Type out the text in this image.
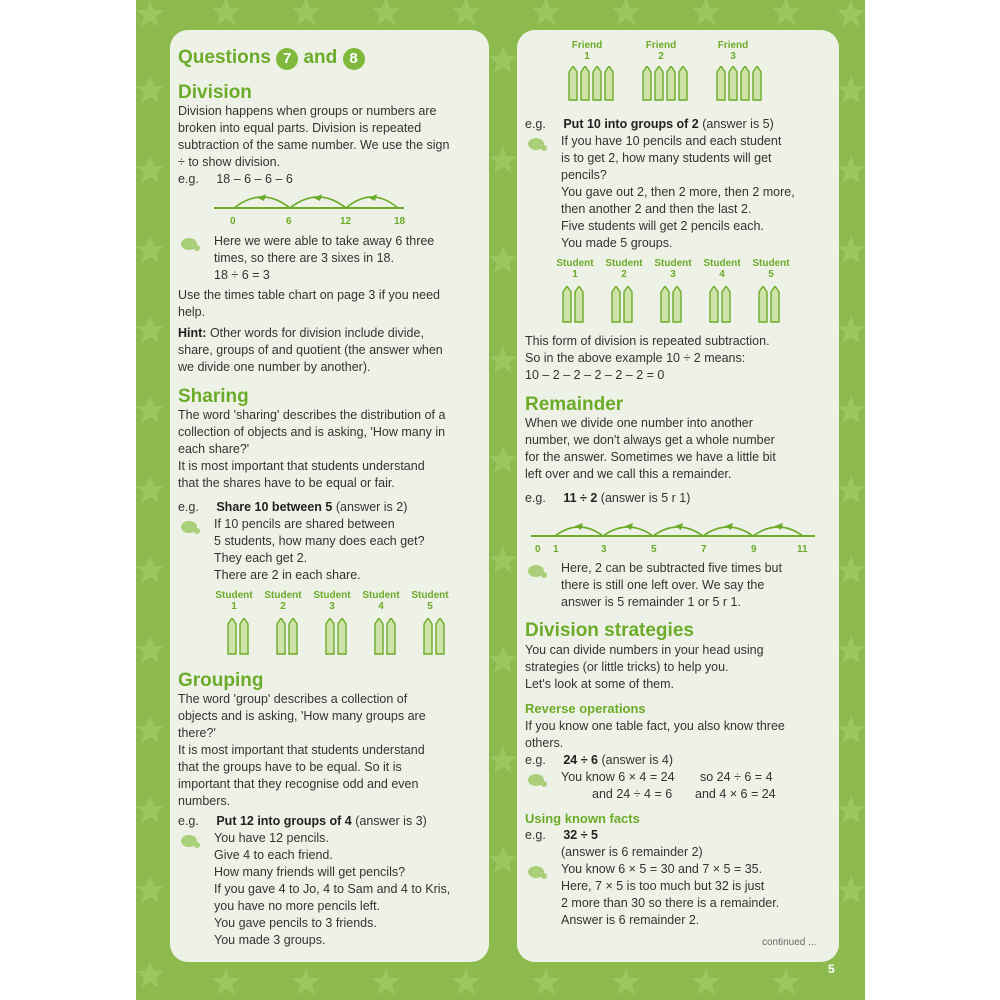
Questions 7 and 8
Division

Division happens when groups or numbers are

broken into equal parts. Division is repeated

subtraction of the same number. We use the sign

÷ to show division.

e.g. 18 – 6 – 6 – 6
0	6	12	18

Here we were able to take away 6 three

times, so there are 3 sixes in 18.

18 ÷ 6 = 3

Use the times table chart on page 3 if you need

help.

Hint: Other words for division include divide,

share, groups of and quotient (the answer when

we divide one number by another).

Sharing

The word 'sharing' describes the distribution of a

collection of objects and is asking, 'How many in

each share?'

It is most important that students understand

that the shares have to be equal or fair.

e.g. Share 10 between 5 (answer is 2)

If 10 pencils are shared between

5 students, how many does each get?

They each get 2.

There are 2 in each share.

Student
1
Student
2
Student
3
Student
4
Student
5
Grouping

The word 'group' describes a collection of

objects and is asking, 'How many groups are

there?'

It is most important that students understand

that the groups have to be equal. So it is

important that they recognise odd and even

numbers.

e.g. Put 12 into groups of 4 (answer is 3)

You have 12 pencils.

Give 4 to each friend.

How many friends will get pencils?

If you gave 4 to Jo, 4 to Sam and 4 to Kris,

you have no more pencils left.

You gave pencils to 3 friends.

You made 3 groups.

Friend
1
Friend
2
Friend
3
e.g. Put 10 into groups of 2 (answer is 5)

If you have 10 pencils and each student

is to get 2, how many students will get

pencils?

You gave out 2, then 2 more, then 2 more,

then another 2 and then the last 2.

Five students will get 2 pencils each.

You made 5 groups.

Student
1
Student
2
Student
3
Student
4
Student
5

This form of division is repeated subtraction.

So in the above example 10 ÷ 2 means:

10 – 2 – 2 – 2 – 2 – 2 = 0

Remainder

When we divide one number into another

number, we don't always get a whole number

for the answer. Sometimes we have a little bit

left over and we call this a remainder.

e.g. 11 ÷ 2 (answer is 5 r 1)
0 1	3	5	7	9	11

Here, 2 can be subtracted five times but

there is still one left over. We say the

answer is 5 remainder 1 or 5 r 1.

Division strategies

You can divide numbers in your head using

strategies (or little tricks) to help you.

Let's look at some of them.

Reverse operations

If you know one table fact, you also know three

others.

e.g. 24 ÷ 6 (answer is 4)
You know 6 × 4 = 24 so 24 ÷ 6 = 4
and 24 ÷ 4 = 6 and 4 × 6 = 24
Using known facts
e.g. 32 ÷ 5
(answer is 6 remainder 2)

You know 6 × 5 = 30 and 7 × 5 = 35.

Here, 7 × 5 is too much but 32 is just

2 more than 30 so there is a remainder.

Answer is 6 remainder 2.

continued ...
5
